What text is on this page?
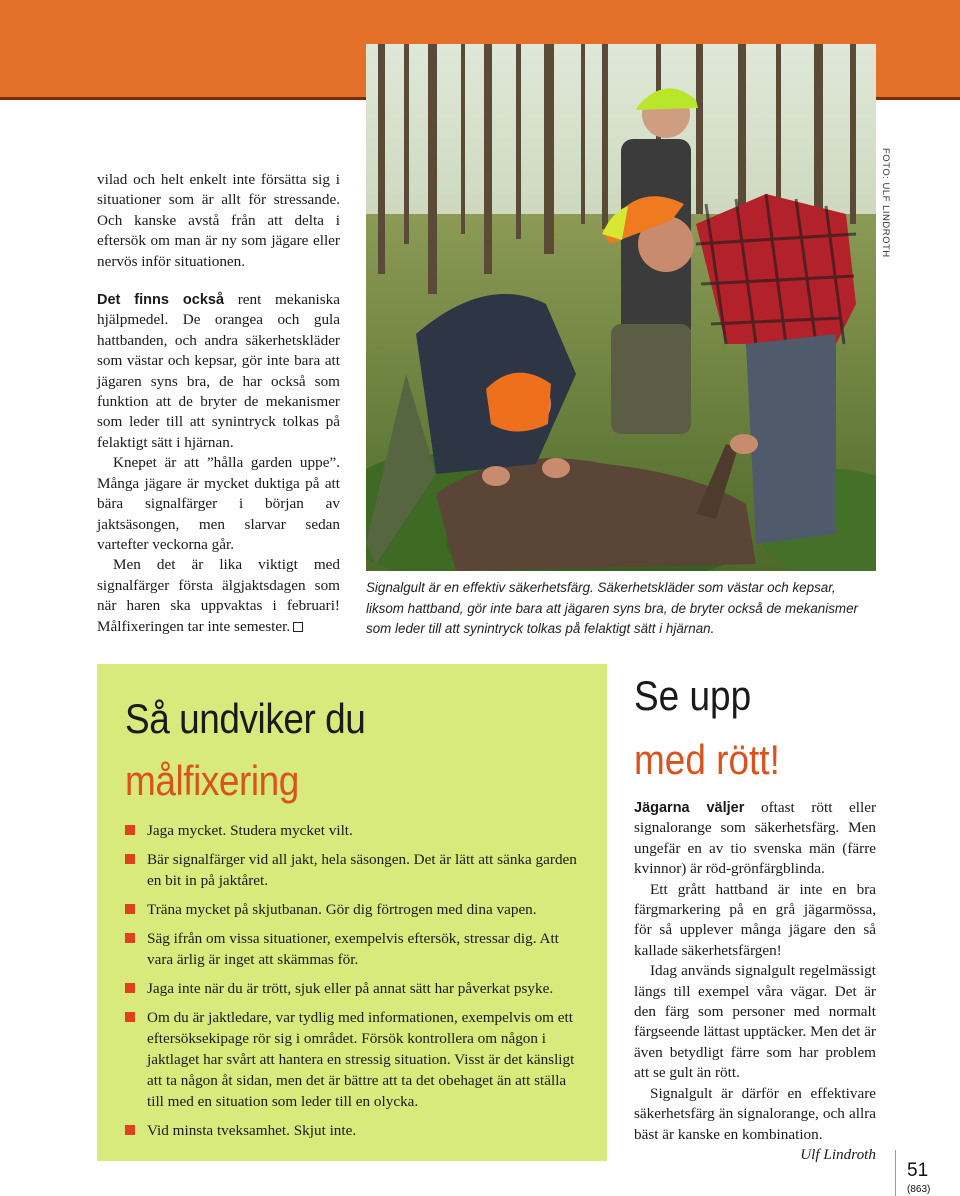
vilad och helt enkelt inte försätta sig i situationer som är allt för stressande. Och kanske avstå från att delta i eftersök om man är ny som jägare eller nervös inför situationen.

Det finns också rent mekaniska hjälpmedel. De orangea och gula hattbanden, och andra säkerhetskläder som västar och kepsar, gör inte bara att jägaren syns bra, de har också som funktion att de bryter de mekanismer som leder till att synintryck tolkas på felaktigt sätt i hjärnan.

Knepet är att ”hålla garden uppe”. Många jägare är mycket duktiga på att bära signalfärger i början av jaktsäsongen, men slarvar sedan vartefter veckorna går.

Men det är lika viktigt med signalfärger första älgjaktsdagen som när haren ska uppvaktas i februari! Målfixeringen tar inte semester.

FOTO: ULF LINDROTH

Signalgult är en effektiv säkerhetsfärg. Säkerhetskläder som västar och kepsar, liksom hattband, gör inte bara att jägaren syns bra, de bryter också de mekanismer som leder till att synintryck tolkas på felaktigt sätt i hjärnan.

Så undviker du
målfixering
Jaga mycket. Studera mycket vilt.
Bär signalfärger vid all jakt, hela säsongen. Det är lätt att sänka garden en bit in på jaktåret.
Träna mycket på skjutbanan. Gör dig förtrogen med dina vapen.
Säg ifrån om vissa situationer, exempelvis eftersök, stressar dig. Att vara ärlig är inget att skämmas för.
Jaga inte när du är trött, sjuk eller på annat sätt har påverkat psyke.
Om du är jaktledare, var tydlig med informationen, exempelvis om ett eftersöksekipage rör sig i området. Försök kontrollera om någon i jaktlaget har svårt att hantera en stressig situation. Visst är det känsligt att ta någon åt sidan, men det är bättre att ta det obehaget än att ställa till med en situation som leder till en olycka.
Vid minsta tveksamhet. Skjut inte.
Se upp
med rött!

Jägarna väljer oftast rött eller signalorange som säkerhetsfärg. Men ungefär en av tio svenska män (färre kvinnor) är röd-grönfärgblinda.

Ett grått hattband är inte en bra färgmarkering på en grå jägarmössa, för så upplever många jägare den så kallade säkerhetsfärgen!

Idag används signalgult regelmässigt längs till exempel våra vägar. Det är den färg som personer med normalt färgseende lättast upptäcker. Men det är även betydligt färre som har problem att se gult än rött.

Signalgult är därför en effektivare säkerhetsfärg än signalorange, och allra bäst är kanske en kombination.

Ulf Lindroth

51
(863)
